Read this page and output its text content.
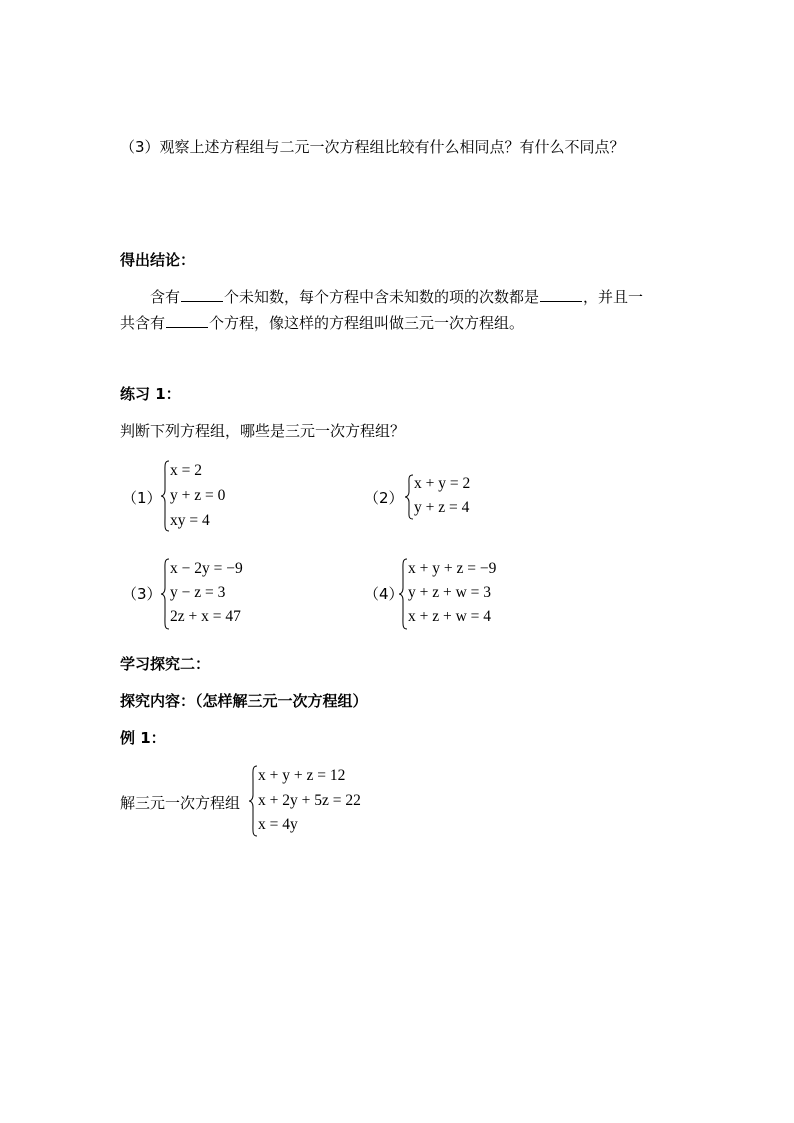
（3）观察上述方程组与二元一次方程组比较有什么相同点？有什么不同点？
得出结论：
含有	个未知数，每个方程中含未知数的项的次数都是	，并且一
共含有	个方程，像这样的方程组叫做三元一次方程组。
练习 1：
判断下列方程组，哪些是三元一次方程组？
（1）
x = 2
y + z = 0
xy = 4
（2）
x + y = 2
y + z = 4
（3）
x − 2y = −9
y − z = 3
2z + x = 47
（4）
x + y + z = −9
y + z + w = 3
x + z + w = 4
学习探究二：
探究内容：（怎样解三元一次方程组）
例 1：
解三元一次方程组
x + y + z = 12
x + 2y + 5z = 22
x = 4y
